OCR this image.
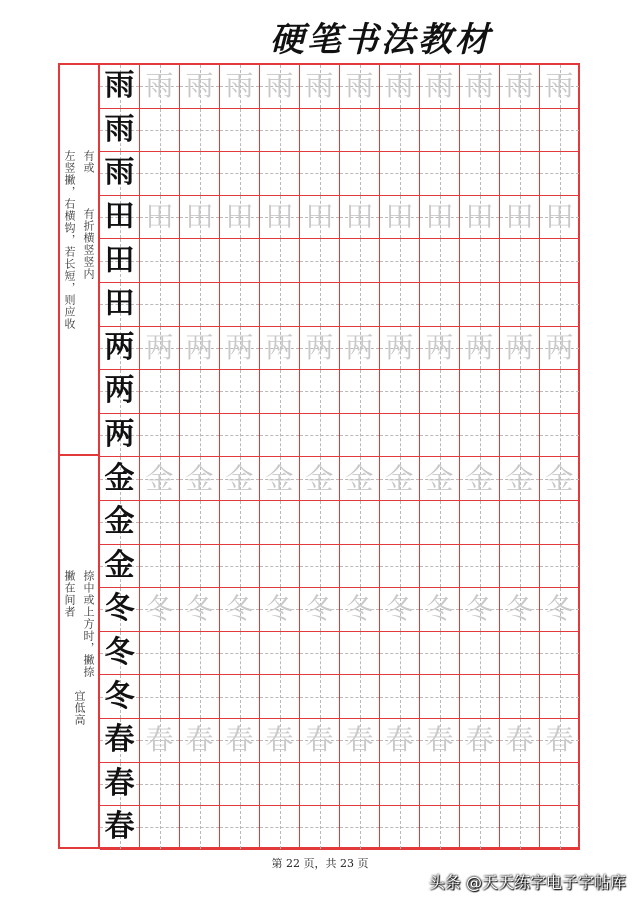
硬笔书法教材
雨 雨 雨 雨 雨 雨 雨 雨 雨 雨 雨 雨
雨
雨
田 田 田 田 田 田 田 田 田 田 田 田
田
田
两 两 两 两 两 两 两 两 两 两 两 两
两
两
金 金 金 金 金 金 金 金 金 金 金 金
金
金
冬 冬 冬 冬 冬 冬 冬 冬 冬 冬 冬 冬
冬
冬
春 春 春 春 春 春 春 春 春 春 春 春
春
春
有或
左竖撇，右横钩，若长短，则应收 有折横竖竖内
捺中或上方时，撇捺
撇在间者
宜低高
第 22 页，共 23 页
头条 @天天练字电子字帖库
